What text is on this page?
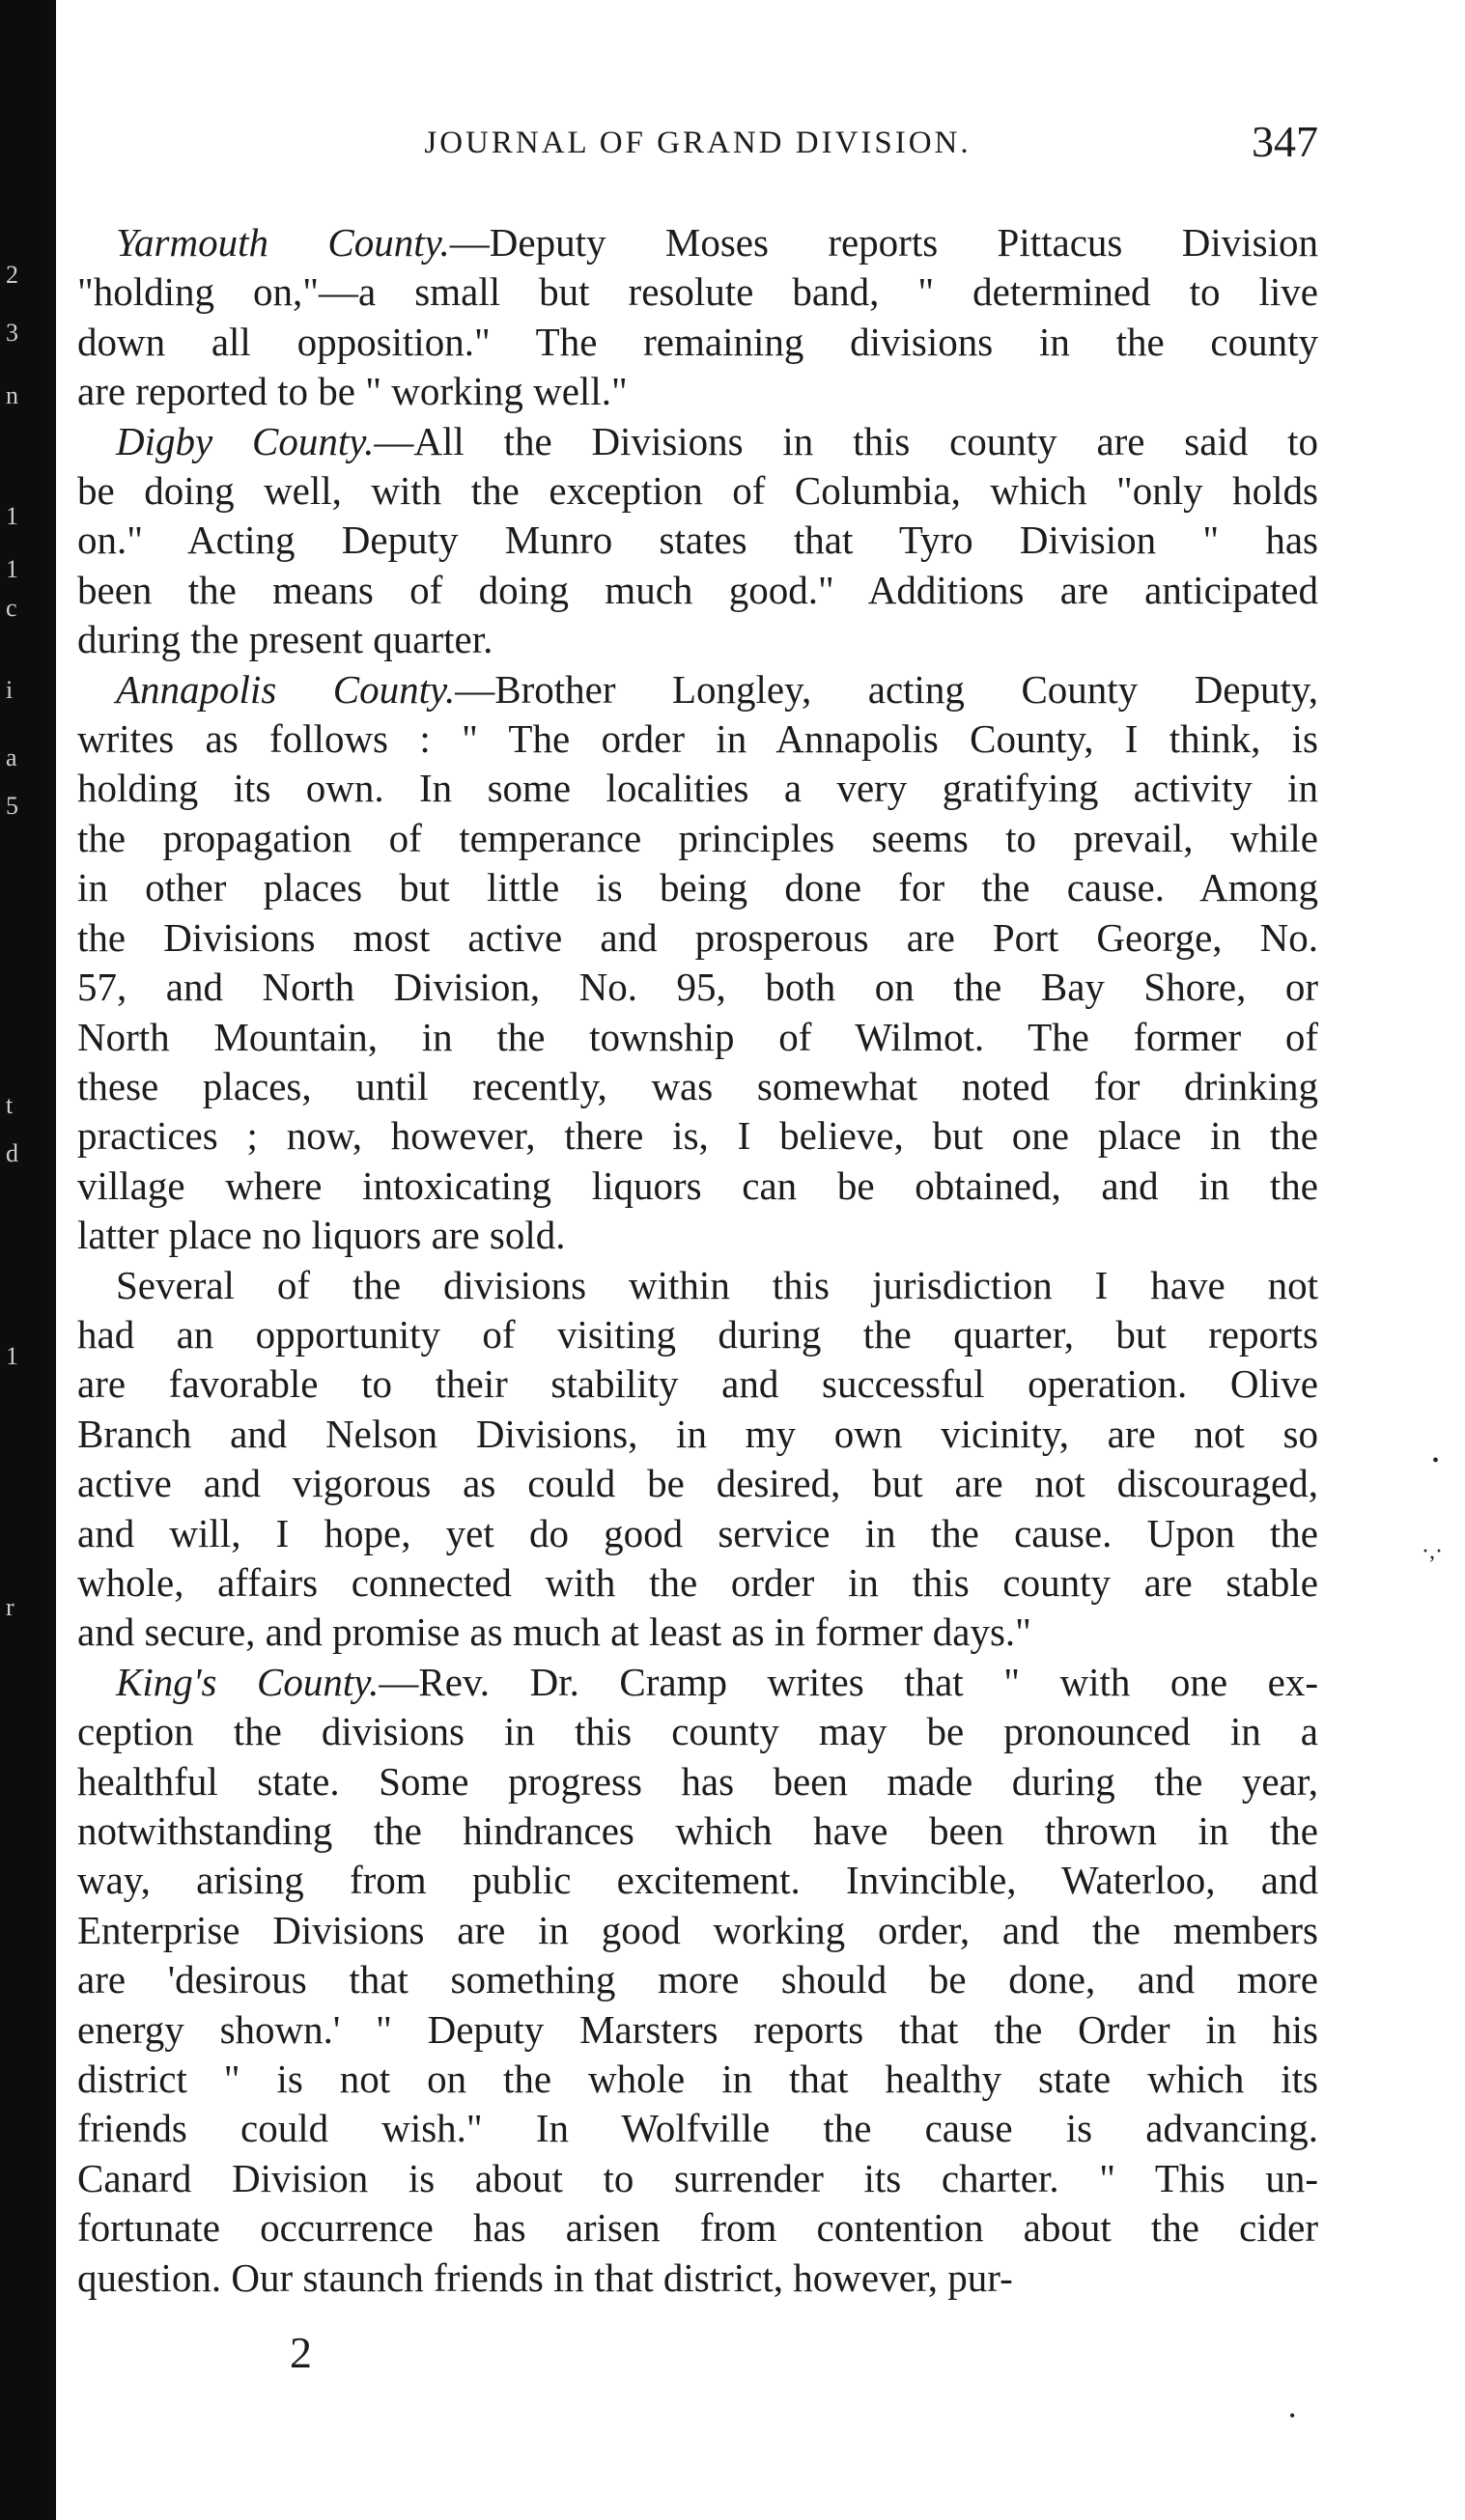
2
3
n
1
1
c
i
a
5
t
d
1
r
JOURNAL OF GRAND DIVISION.	347
Yarmouth County.—Deputy Moses reports Pittacus Division
"holding on,"—a small but resolute band, " determined to live
down all opposition." The remaining divisions in the county
are reported to be " working well."
Digby County.—All the Divisions in this county are said to
be doing well, with the exception of Columbia, which "only holds
on." Acting Deputy Munro states that Tyro Division " has
been the means of doing much good." Additions are anticipated
during the present quarter.
Annapolis County.—Brother Longley, acting County Deputy,
writes as follows : " The order in Annapolis County, I think, is
holding its own. In some localities a very gratifying activity in
the propagation of temperance principles seems to prevail, while
in other places but little is being done for the cause. Among
the Divisions most active and prosperous are Port George, No.
57, and North Division, No. 95, both on the Bay Shore, or
North Mountain, in the township of Wilmot. The former of
these places, until recently, was somewhat noted for drinking
practices ; now, however, there is, I believe, but one place in the
village where intoxicating liquors can be obtained, and in the
latter place no liquors are sold.
Several of the divisions within this jurisdiction I have not
had an opportunity of visiting during the quarter, but reports
are favorable to their stability and successful operation. Olive
Branch and Nelson Divisions, in my own vicinity, are not so
active and vigorous as could be desired, but are not discouraged,
and will, I hope, yet do good service in the cause. Upon the
whole, affairs connected with the order in this county are stable
and secure, and promise as much at least as in former days."
King's County.—Rev. Dr. Cramp writes that " with one ex-
ception the divisions in this county may be pronounced in a
healthful state. Some progress has been made during the year,
notwithstanding the hindrances which have been thrown in the
way, arising from public excitement. Invincible, Waterloo, and
Enterprise Divisions are in good working order, and the members
are 'desirous that something more should be done, and more
energy shown.' " Deputy Marsters reports that the Order in his
district " is not on the whole in that healthy state which its
friends could wish." In Wolfville the cause is advancing.
Canard Division is about to surrender its charter. " This un-
fortunate occurrence has arisen from contention about the cider
question. Our staunch friends in that district, however, pur-
2
•
·,·
•
